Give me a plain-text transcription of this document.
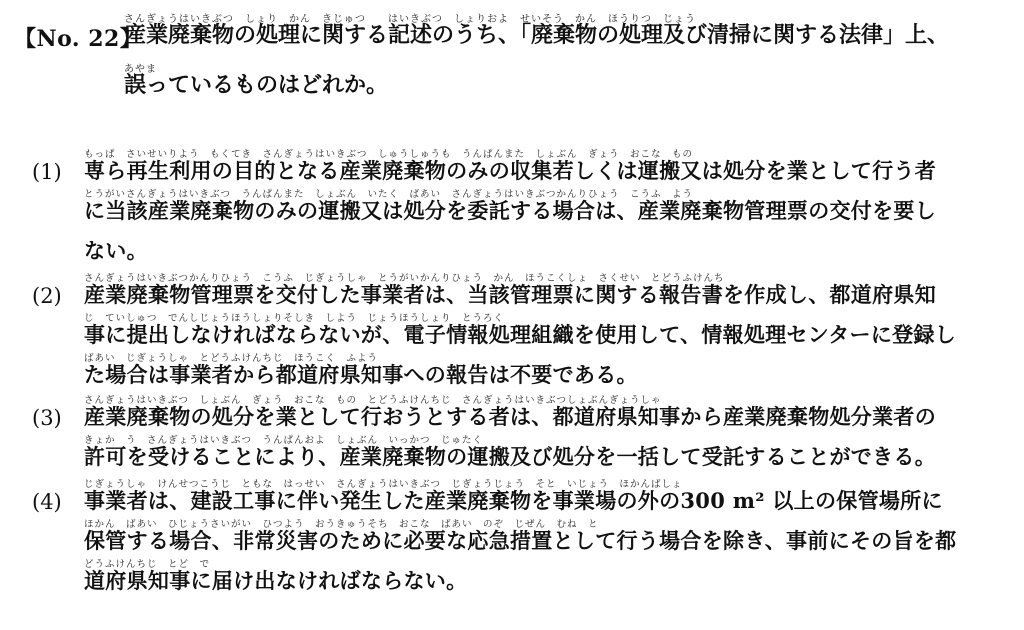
【No. 22】
さんぎょうはいきぶつ　しょり　かん　きじゅつ　　はいきぶつ　しょりおよ　せいそう　かん　ほうりつ　じょう
産業廃棄物の処理に関する記述のうち、「廃棄物の処理及び清掃に関する法律」上、
あやま
誤っているものはどれか。
(1)
もっぱ　さいせいりよう　もくてき　さんぎょうはいきぶつ　しゅうしゅうも　うんぱんまた　しょぶん　ぎょう　おこな　もの
専ら再生利用の目的となる産業廃棄物のみの収集若しくは運搬又は処分を業として行う者
とうがいさんぎょうはいきぶつ　うんぱんまた　しょぶん　いたく　ばあい　さんぎょうはいきぶつかんりひょう　こうふ　よう
に当該産業廃棄物のみの運搬又は処分を委託する場合は、産業廃棄物管理票の交付を要し
ない。
(2)
さんぎょうはいきぶつかんりひょう　こうふ　じぎょうしゃ　とうがいかんりひょう　かん　ほうこくしょ　さくせい　とどうふけんち
産業廃棄物管理票を交付した事業者は、当該管理票に関する報告書を作成し、都道府県知
じ　ていしゅつ　でんしじょうほうしょりそしき　しよう　じょうほうしょり　とうろく
事に提出しなければならないが、電子情報処理組織を使用して、情報処理センターに登録し
ばあい　じぎょうしゃ　とどうふけんちじ　ほうこく　ふよう
た場合は事業者から都道府県知事への報告は不要である。
(3)
さんぎょうはいきぶつ　しょぶん　ぎょう　おこな　もの　とどうふけんちじ　さんぎょうはいきぶつしょぶんぎょうしゃ
産業廃棄物の処分を業として行おうとする者は、都道府県知事から産業廃棄物処分業者の
きょか　う　さんぎょうはいきぶつ　うんぱんおよ　しょぶん　いっかつ　じゅたく
許可を受けることにより、産業廃棄物の運搬及び処分を一括して受託することができる。
(4)
じぎょうしゃ　けんせつこうじ　ともな　はっせい　さんぎょうはいきぶつ　じぎょうじょう　そと　いじょう　ほかんばしょ
事業者は、建設工事に伴い発生した産業廃棄物を事業場の外の300 m² 以上の保管場所に
ほかん　ばあい　ひじょうさいがい　ひつよう　おうきゅうそち　おこな　ばあい　のぞ　じぜん　むね　と
保管する場合、非常災害のために必要な応急措置として行う場合を除き、事前にその旨を都
どうふけんちじ　とど　で
道府県知事に届け出なければならない。
